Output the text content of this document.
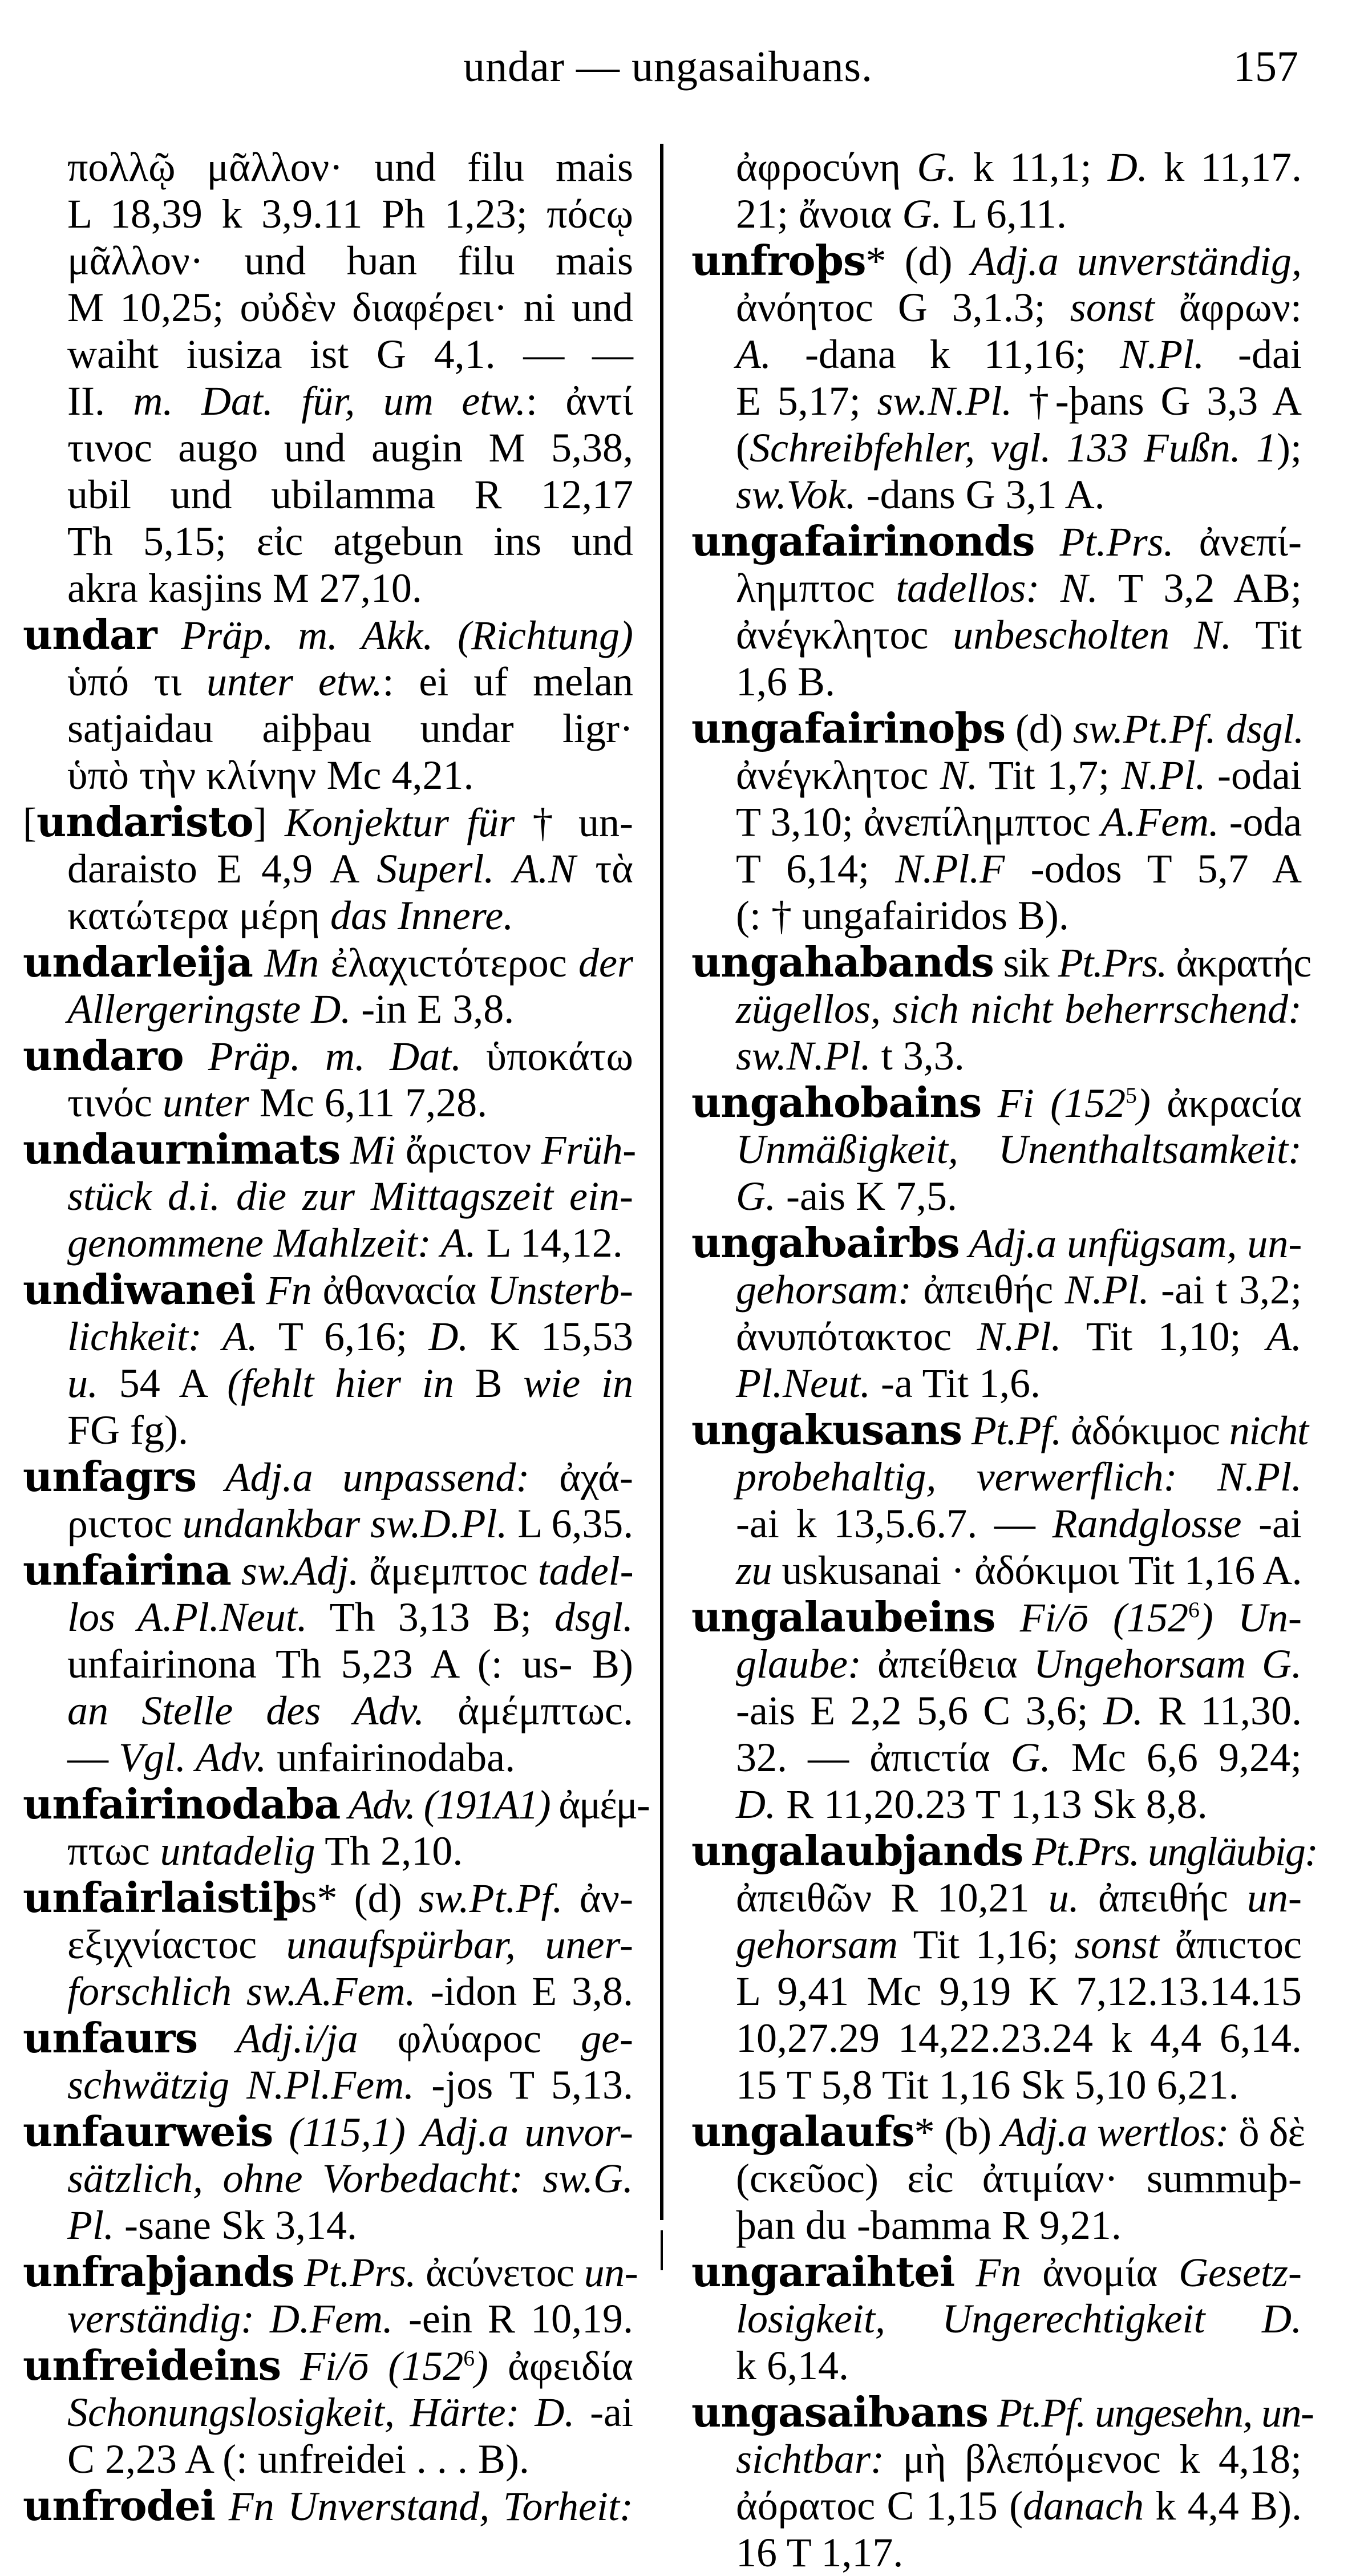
undar — ungasaiƕans.	157
πολλῷ μᾶλλον· und filu mais
L 18,39 k 3,9.11 Ph 1,23; πόcῳ
μᾶλλον· und ƕan filu mais
M 10,25; οὐδὲν διαφέρει· ni und
waiht iusiza ist G 4,1. — —
II. m. Dat. für, um etw.: ἀντί
τινοc augo und augin M 5,38,
ubil und ubilamma R 12,17
Th 5,15; εἰc atgebun ins und
akra kasjins M 27,10.
undar Präp. m. Akk. (Richtung)
ὑπό τι unter etw.: ei uf melan
satjaidau aiþþau undar ligr·
ὑπὸ τὴν κλίνην Mc 4,21.
[undaristo] Konjektur für † un-
daraisto E 4,9 A Superl. A.N τὰ
κατώτερα μέρη das Innere.
undarleija Mn ἐλαχιcτότεροc der
Allergeringste D. -in E 3,8.
undaro Präp. m. Dat. ὑποκάτω
τινόc unter Mc 6,11 7,28.
undaurnimats Mi ἄριcτον Früh-
stück d.i. die zur Mittagszeit ein-
genommene Mahlzeit: A. L 14,12.
undiwanei Fn ἀθαναcία Unsterb-
lichkeit: A. T 6,16; D. K 15,53
u. 54 A (fehlt hier in B wie in
FG fg).
unfagrs Adj.a unpassend: ἀχά-
ριcτοc undankbar sw.D.Pl. L 6,35.
unfairina sw.Adj. ἄμεμπτοc tadel-
los A.Pl.Neut. Th 3,13 B; dsgl.
unfairinona Th 5,23 A (: us- B)
an Stelle des Adv. ἀμέμπτωc.
— Vgl. Adv. unfairinodaba.
unfairinodaba Adv. (191A1) ἀμέμ-
πτωc untadelig Th 2,10.
unfairlaistiþs* (d) sw.Pt.Pf. ἀν-
εξιχνίαcτοc unaufspürbar, uner-
forschlich sw.A.Fem. -idon E 3,8.
unfaurs Adj.i/ja φλύαροc ge-
schwätzig N.Pl.Fem. -jos T 5,13.
unfaurweis (115,1) Adj.a unvor-
sätzlich, ohne Vorbedacht: sw.G.
Pl. -sane Sk 3,14.
unfraþjands Pt.Prs. ἀcύνετοc un-
verständig: D.Fem. -ein R 10,19.
unfreideins Fi/ō $(152^6)$ ἀφειδία
Schonungslosigkeit, Härte: D. -ai
C 2,23 A (: unfreidei . . . B).
unfrodei Fn Unverstand, Torheit:
ἀφροcύνη G. k 11,1; D. k 11,17.
21; ἄνοια G. L 6,11.
unfroþs* (d) Adj.a unverständig,
ἀνόητοc G 3,1.3; sonst ἄφρων:
A. -dana k 11,16; N.Pl. -dai
E 5,17; sw.N.Pl. †-þans G 3,3 A
(Schreibfehler, vgl. 133 Fußn. 1);
sw.Vok. -dans G 3,1 A.
ungafairinonds Pt.Prs. ἀνεπί-
λημπτοc tadellos: N. T 3,2 AB;
ἀνέγκλητοc unbescholten N. Tit
1,6 B.
ungafairinoþs (d) sw.Pt.Pf. dsgl.
ἀνέγκλητοc N. Tit 1,7; N.Pl. -odai
T 3,10; ἀνεπίλημπτοc A.Fem. -oda
T 6,14; N.Pl.F -odos T 5,7 A
(: † ungafairidos B).
ungahabands sik Pt.Prs. ἀκρατήc
zügellos, sich nicht beherrschend:
sw.N.Pl. t 3,3.
ungahobains Fi $(152^5)$ ἀκραcία
Unmäßigkeit, Unenthaltsamkeit:
G. -ais K 7,5.
ungaƕairbs Adj.a unfügsam, un-
gehorsam: ἀπειθήc N.Pl. -ai t 3,2;
ἀνυπότακτοc N.Pl. Tit 1,10; A.
Pl.Neut. -a Tit 1,6.
ungakusans Pt.Pf. ἀδόκιμοc nicht
probehaltig, verwerflich: N.Pl.
-ai k 13,5.6.7. — Randglosse -ai
zu uskusanai · ἀδόκιμοι Tit 1,16 A.
ungalaubeins Fi/ō $(152^6)$ Un-
glaube: ἀπείθεια Ungehorsam G.
-ais E 2,2 5,6 C 3,6; D. R 11,30.
32. — ἀπιcτία G. Mc 6,6 9,24;
D. R 11,20.23 T 1,13 Sk 8,8.
ungalaubjands Pt.Prs. ungläubig:
ἀπειθῶν R 10,21 u. ἀπειθήc un-
gehorsam Tit 1,16; sonst ἄπιcτοc
L 9,41 Mc 9,19 K 7,12.13.14.15
10,27.29 14,22.23.24 k 4,4 6,14.
15 T 5,8 Tit 1,16 Sk 5,10 6,21.
ungalaufs* (b) Adj.a wertlos: ὃ δὲ
(cκεῦοc) εἰc ἀτιμίαν· summuþ-
þan du -bamma R 9,21.
ungaraihtei Fn ἀνομία Gesetz-
losigkeit, Ungerechtigkeit D.
k 6,14.
ungasaiƕans Pt.Pf. ungesehn, un-
sichtbar: μὴ βλεπόμενοc k 4,18;
ἀόρατοc C 1,15 (danach k 4,4 B).
16 T 1,17.
